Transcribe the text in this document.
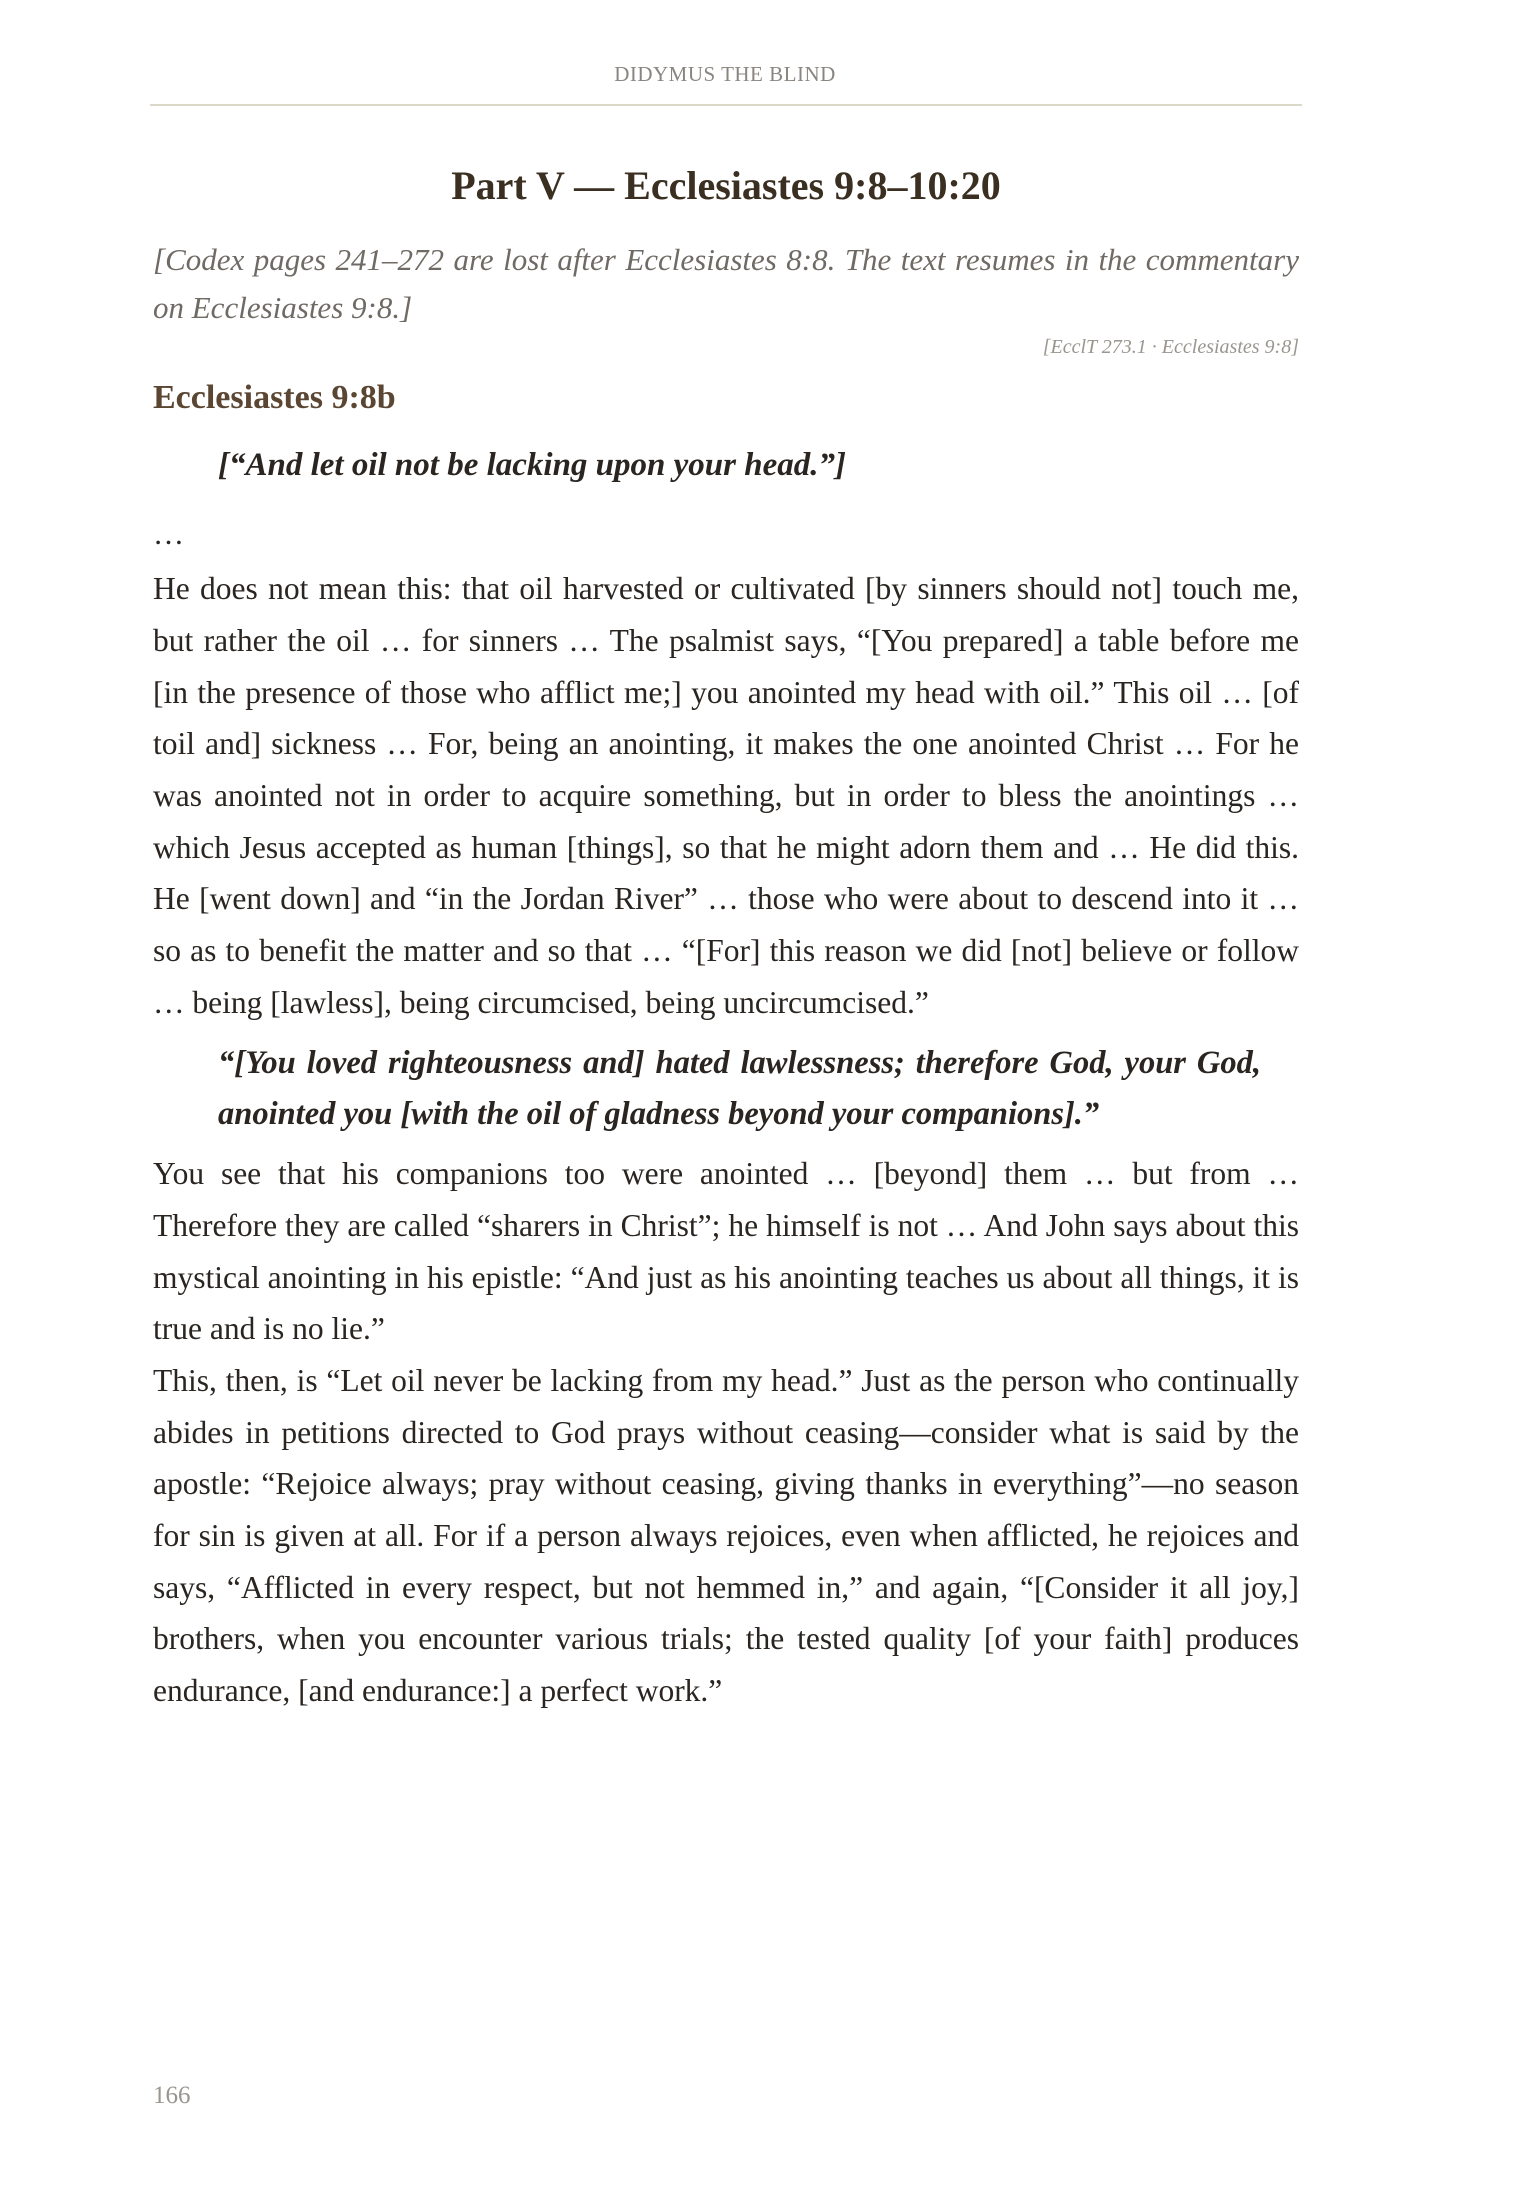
DIDYMUS THE BLIND
Part V — Ecclesiastes 9:8–10:20

[Codex pages 241–272 are lost after Ecclesiastes 8:8. The text resumes in the commentary on Ecclesiastes 9:8.]

[EcclT 273.1 · Ecclesiastes 9:8]
Ecclesiastes 9:8b

[“And let oil not be lacking upon your head.”]

…

He does not mean this: that oil harvested or cultivated [by sinners should not] touch me, but rather the oil … for sinners … The psalmist says, “[You prepared] a table before me [in the presence of those who afflict me;] you anointed my head with oil.” This oil … [of toil and] sickness … For, being an anointing, it makes the one anointed Christ … For he was anointed not in order to acquire something, but in order to bless the anointings … which Jesus accepted as human [things], so that he might adorn them and … He did this. He [went down] and “in the Jordan River” … those who were about to descend into it … so as to benefit the matter and so that … “[For] this reason we did [not] believe or follow … being [lawless], being circumcised, being uncircumcised.”

“[You loved righteousness and] hated lawlessness; therefore God, your God, anointed you [with the oil of gladness beyond your companions].”

You see that his companions too were anointed … [beyond] them … but from … Therefore they are called “sharers in Christ”; he himself is not … And John says about this mystical anointing in his epistle: “And just as his anointing teaches us about all things, it is true and is no lie.”

This, then, is “Let oil never be lacking from my head.” Just as the person who continually abides in petitions directed to God prays without ceasing—consider what is said by the apostle: “Rejoice always; pray without ceasing, giving thanks in everything”—no season for sin is given at all. For if a person always rejoices, even when afflicted, he rejoices and says, “Afflicted in every respect, but not hemmed in,” and again, “[Consider it all joy,] brothers, when you encounter various trials; the tested quality [of your faith] produces endurance, [and endurance:] a perfect work.”

166
